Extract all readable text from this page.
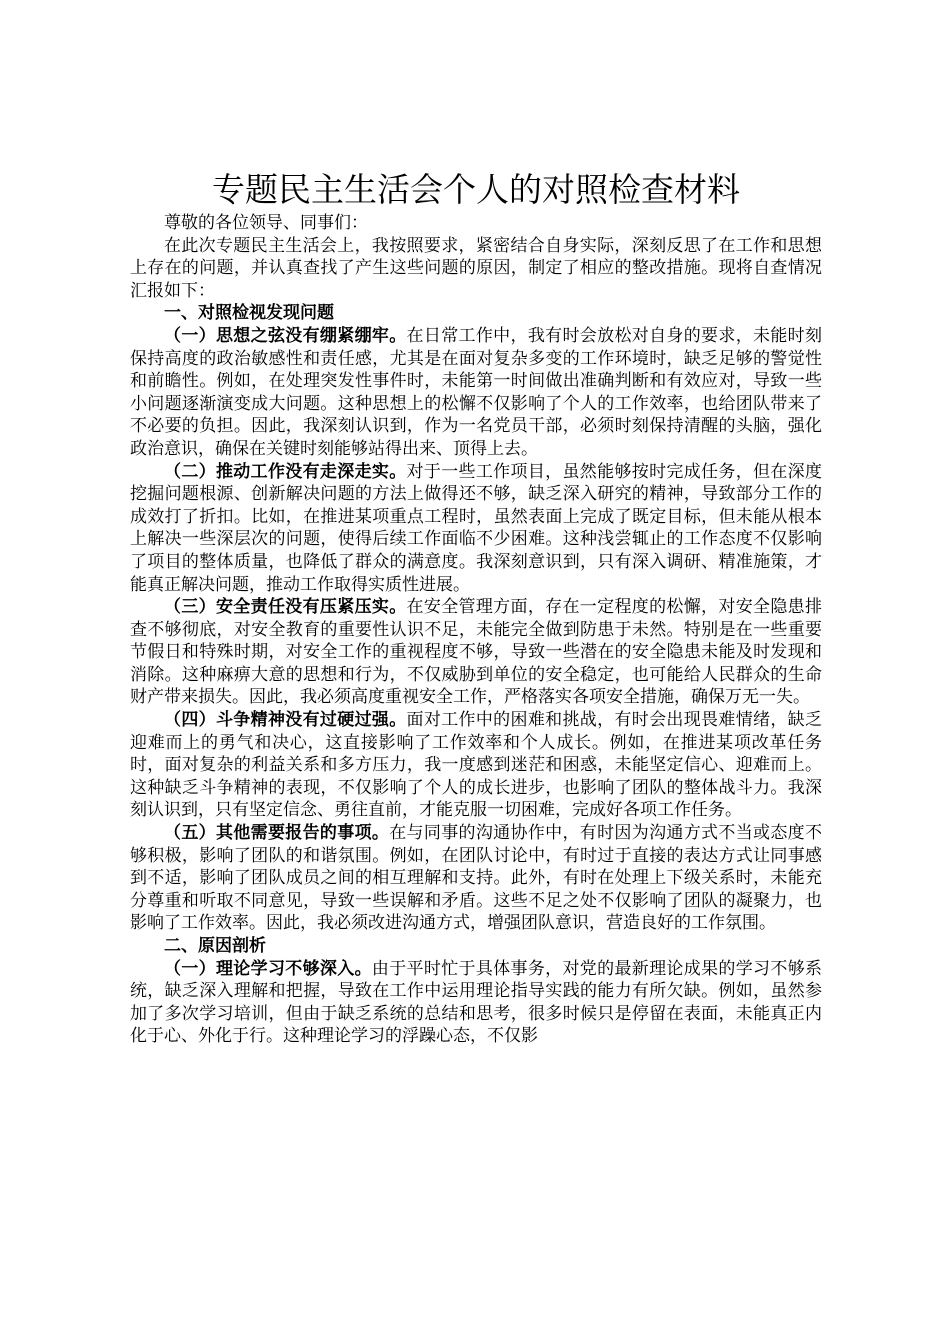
专题民主生活会个人的对照检查材料

尊敬的各位领导、同事们：

在此次专题民主生活会上，我按照要求，紧密结合自身实际，深刻反思了在工作和思想上存在的问题，并认真查找了产生这些问题的原因，制定了相应的整改措施。现将自查情况汇报如下：

一、对照检视发现问题

（一）思想之弦没有绷紧绷牢。在日常工作中，我有时会放松对自身的要求，未能时刻保持高度的政治敏感性和责任感，尤其是在面对复杂多变的工作环境时，缺乏足够的警觉性和前瞻性。例如，在处理突发性事件时，未能第一时间做出准确判断和有效应对，导致一些小问题逐渐演变成大问题。这种思想上的松懈不仅影响了个人的工作效率，也给团队带来了不必要的负担。因此，我深刻认识到，作为一名党员干部，必须时刻保持清醒的头脑，强化政治意识，确保在关键时刻能够站得出来、顶得上去。

（二）推动工作没有走深走实。对于一些工作项目，虽然能够按时完成任务，但在深度挖掘问题根源、创新解决问题的方法上做得还不够，缺乏深入研究的精神，导致部分工作的成效打了折扣。比如，在推进某项重点工程时，虽然表面上完成了既定目标，但未能从根本上解决一些深层次的问题，使得后续工作面临不少困难。这种浅尝辄止的工作态度不仅影响了项目的整体质量，也降低了群众的满意度。我深刻意识到，只有深入调研、精准施策，才能真正解决问题，推动工作取得实质性进展。

（三）安全责任没有压紧压实。在安全管理方面，存在一定程度的松懈，对安全隐患排查不够彻底，对安全教育的重要性认识不足，未能完全做到防患于未然。特别是在一些重要节假日和特殊时期，对安全工作的重视程度不够，导致一些潜在的安全隐患未能及时发现和消除。这种麻痹大意的思想和行为，不仅威胁到单位的安全稳定，也可能给人民群众的生命财产带来损失。因此，我必须高度重视安全工作，严格落实各项安全措施，确保万无一失。

（四）斗争精神没有过硬过强。面对工作中的困难和挑战，有时会出现畏难情绪，缺乏迎难而上的勇气和决心，这直接影响了工作效率和个人成长。例如，在推进某项改革任务时，面对复杂的利益关系和多方压力，我一度感到迷茫和困惑，未能坚定信心、迎难而上。这种缺乏斗争精神的表现，不仅影响了个人的成长进步，也影响了团队的整体战斗力。我深刻认识到，只有坚定信念、勇往直前，才能克服一切困难，完成好各项工作任务。

（五）其他需要报告的事项。在与同事的沟通协作中，有时因为沟通方式不当或态度不够积极，影响了团队的和谐氛围。例如，在团队讨论中，有时过于直接的表达方式让同事感到不适，影响了团队成员之间的相互理解和支持。此外，有时在处理上下级关系时，未能充分尊重和听取不同意见，导致一些误解和矛盾。这些不足之处不仅影响了团队的凝聚力，也影响了工作效率。因此，我必须改进沟通方式，增强团队意识，营造良好的工作氛围。

二、原因剖析

（一）理论学习不够深入。由于平时忙于具体事务，对党的最新理论成果的学习不够系统，缺乏深入理解和把握，导致在工作中运用理论指导实践的能力有所欠缺。例如，虽然参加了多次学习培训，但由于缺乏系统的总结和思考，很多时候只是停留在表面，未能真正内化于心、外化于行。这种理论学习的浮躁心态，不仅影
